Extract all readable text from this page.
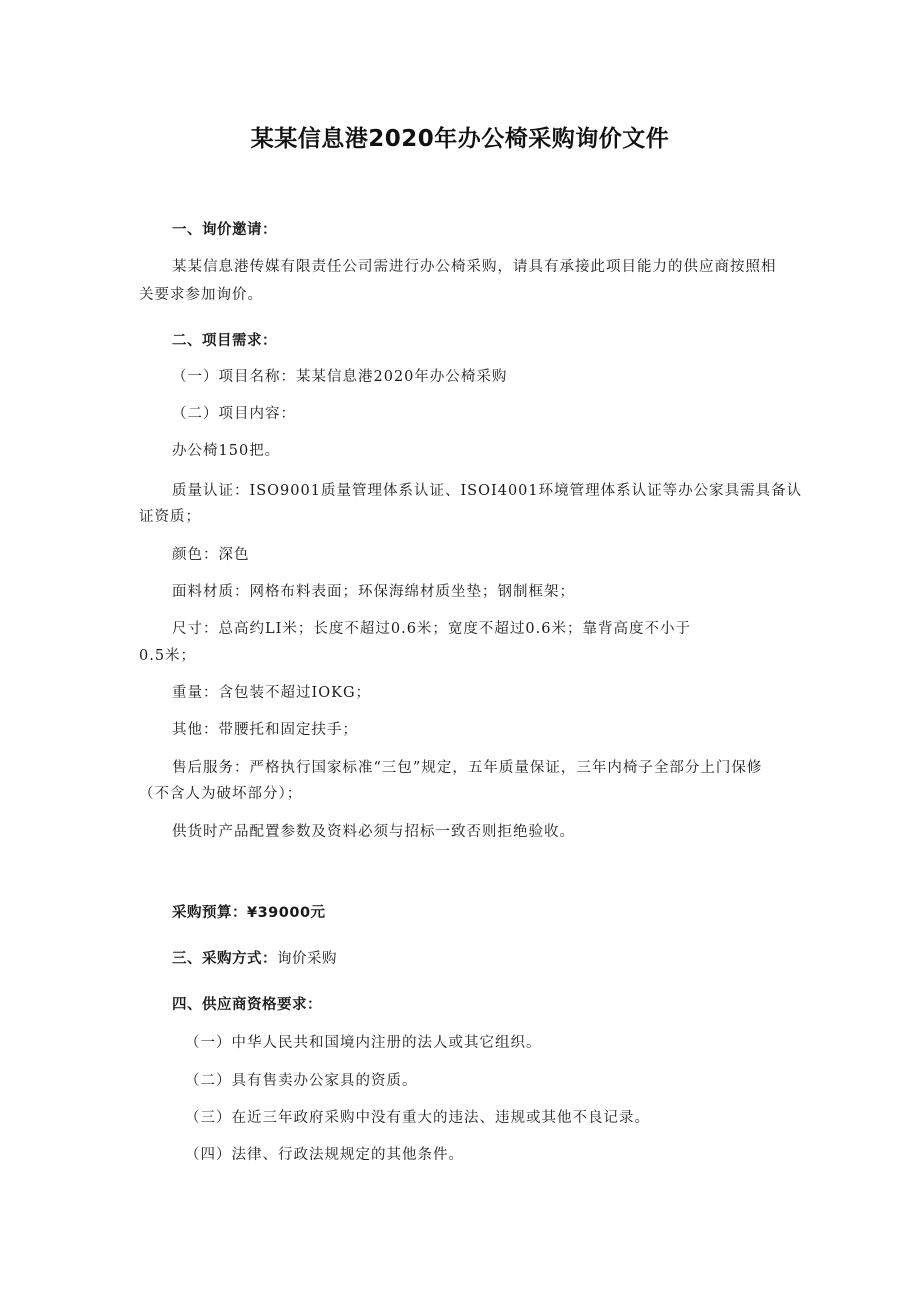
某某信息港2020年办公椅采购询价文件
一、询价邀请：
某某信息港传媒有限责任公司需进行办公椅采购，请具有承接此项目能力的供应商按照相
关要求参加询价。
二、项目需求：
（一）项目名称：某某信息港2020年办公椅采购
（二）项目内容：
办公椅150把。
质量认证：ISO9001质量管理体系认证、ISOI4001环境管理体系认证等办公家具需具备认
证资质；
颜色：深色
面料材质：网格布料表面；环保海绵材质坐垫；钢制框架；
尺寸：总高约LI米；长度不超过0.6米；宽度不超过0.6米；靠背高度不小于
0.5米；
重量：含包装不超过IOKG；
其他：带腰托和固定扶手；
售后服务：严格执行国家标准“三包”规定，五年质量保证，三年内椅子全部分上门保修
（不含人为破坏部分）；
供货时产品配置参数及资料必须与招标一致否则拒绝验收。
采购预算：¥39000元
三、采购方式：询价采购
四、供应商资格要求：
（一）中华人民共和国境内注册的法人或其它组织。
（二）具有售卖办公家具的资质。
（三）在近三年政府采购中没有重大的违法、违规或其他不良记录。
（四）法律、行政法规规定的其他条件。
